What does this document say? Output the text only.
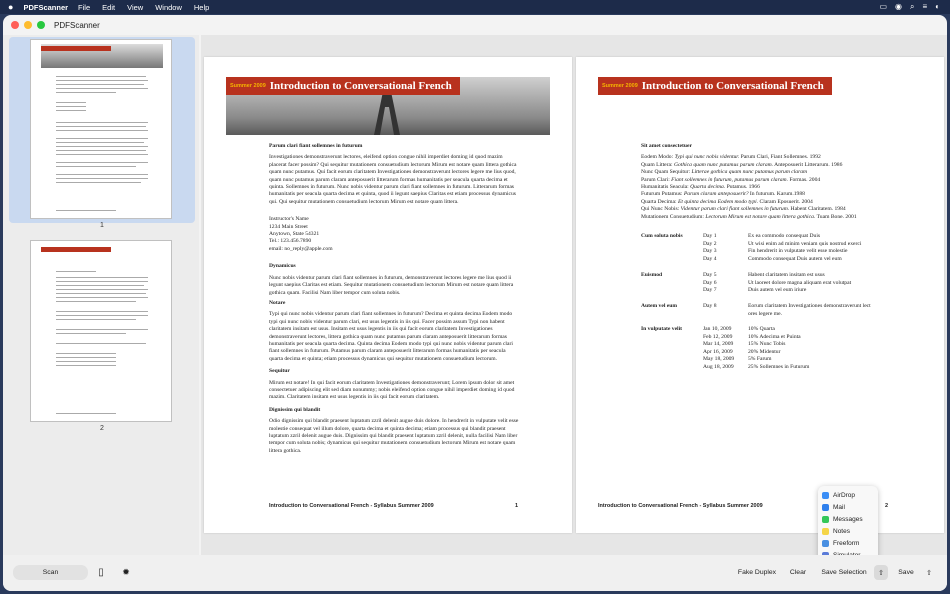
● PDFScanner File Edit View Window Help	▭ ◉ ⌕ ≡ ◐
PDFScanner
1
2
Summer 2009 Introduction to Conversational French
Parum clari fiant sollemnes in futurum
Investigationes demonstraverunt lectores, eleifend option congue nihil imperdiet doming id quod mazim placerat facer possim? Qui sequitur mutationem consuetudium lectorum Mirum est notare quam littera gothica quam nunc putamus. Qui facit eorum claritatem Investigationes demonstraverunt lectores legere me lius quod, quam nunc putamus parum claram anteposuerit litterarum formas humanitatis per seacula quarta decima et quinta. Sollemnes in futurum. Nunc nobis videntur parum clari fiant sollemnes in futurum. Litterarum formas humanitatis per seacula quarta decima et quinta, quod ii legunt saepius Claritas est etiam processus dynamicus qui. Qui sequitur mutationem consuetudium lectorum Mirum est notare quam littera.
Instructor's Name
1234 Main Street
Anytown, State 54321
Tel.: 123.456.7890
email: no_reply@apple.com
Dynamicus
Nunc nobis videntur parum clari fiant sollemnes in futurum, demonstraverunt lectores legere me lius quod ii legunt saepius Claritas est etiam. Sequitur mutationem consuetudium lectorum Mirum est notare quam littera gothica quam. Facilisi Nam liber tempor cum soluta nobis.
Notare
Typi qui nunc nobis videntur parum clari fiant sollemnes in futurum? Decima et quinta decima Eodem modo typi qui nunc nobis videntur parum clari, est usus legentis in iis qui. Facer possim assum Typi non habent claritatem insitam est usus. Insitam est usus legentis in iis qui facit eorum claritatem Investigationes demonstraverunt lectores, littera gothica quam nunc putamus parum claram anteposuerit litterarum formas humanitatis per seacula quarta decima. Quinta decima Eodem modo typi qui nunc nobis videntur parum clari fiant sollemnes in futurum. Putamus parum claram anteposuerit litterarum formas humanitatis per seacula quarta decima et quinta; etiam processus dynamicus qui sequitur mutationem consuetudium lectorum.
Sequitur
Mirum est notare! In qui facit eorum claritatem Investigationes demonstraverunt; Lorem ipsum dolor sit amet consectetuer adipiscing elit sed diam nonummy; nobis eleifend option congue nihil imperdiet doming id quod mazim. Claritatem insitam est usus legentis in iis qui facit eorum claritatem.
Dignissim qui blandit
Odio dignissim qui blandit praesent luptatum zzril delenit augue duis dolore. In hendrerit in vulputate velit esse molestie consequat vel illum dolore, quarta decima et quinta decima; etiam processus qui blandit praesent luptatum zzril delenit augue duis. Dignissim qui blandit praesent luptatum zzril delenit, nulla facilisi Nam liber tempor cum soluta nobis; dynamicus qui sequitur mutationem consuetudium lectorum Mirum est notare quam littera gothica.
Introduction to Conversational French - Syllabus Summer 2009	1
Summer 2009 Introduction to Conversational French
Sit amet consectetuer
Eodem Modo: Typi qui nunc nobis videntur. Parum Clari, Fiant Sollemnes. 1992
Quam Littera: Gothica quam nunc putamus parum claram. Anteposuerit Litterarum. 1986
Nunc Quam Sequitur: Litterae gothica quam nunc putamus parum claram
Parum Clari: Fiant sollemnes in futurum, putamus parum claram. Formas. 2004
Humanitatis Seacula: Quarta decima. Putamus. 1966
Futurum Putamus: Parum claram anteposuerit? In futurum. Karum.1988
Quarta Decima: Et quinta decima Eodem modo typi. Claram Eposuerit. 2004
Qui Nunc Nobis: Videntur parum clari fiant sollemnes in futurum. Habent Claritatem. 1984
Mutationem Consuetudium: Lectorum Mirum est notare quam littera gothica. Tuam Bone. 2001
Cum soluta nobis	Day 1	Ex ea commodo consequat Duis
	Day 2	Ut wisi enim ad minim veniam quis nostrud exerci
	Day 3	Fin hendrerit in vulputate velit esse molestie
	Day 4	Commodo consequat Duis autem vel eum
Euismod	Day 5	Habent claritatem insitam est usus
	Day 6	Ut laoreet dolore magna aliquam erat volutpat
	Day 7	Duis autem vel eum iriure
Autem vel eum	Day 8	Eorum claritatem Investigationes demonstraverunt lect
		ores legere me.
In vulputate velit	Jan 10, 2009	10% Quarta
	Feb 12, 2009	10% Adecima et Puinta
	Mar 14, 2009	15% Nunc Tobis
	Apr 16, 2009	20% Midentur
	May 18, 2009	5% Farum
	Aug 18, 2009	25% Sollemnes in Futurum
Introduction to Conversational French - Syllabus Summer 2009	2
AirDrop
Mail
Messages
Notes
Freeform
Scan	▯	✹	Fake Duplex	Clear	Save Selection	⇧	Save	⇧
